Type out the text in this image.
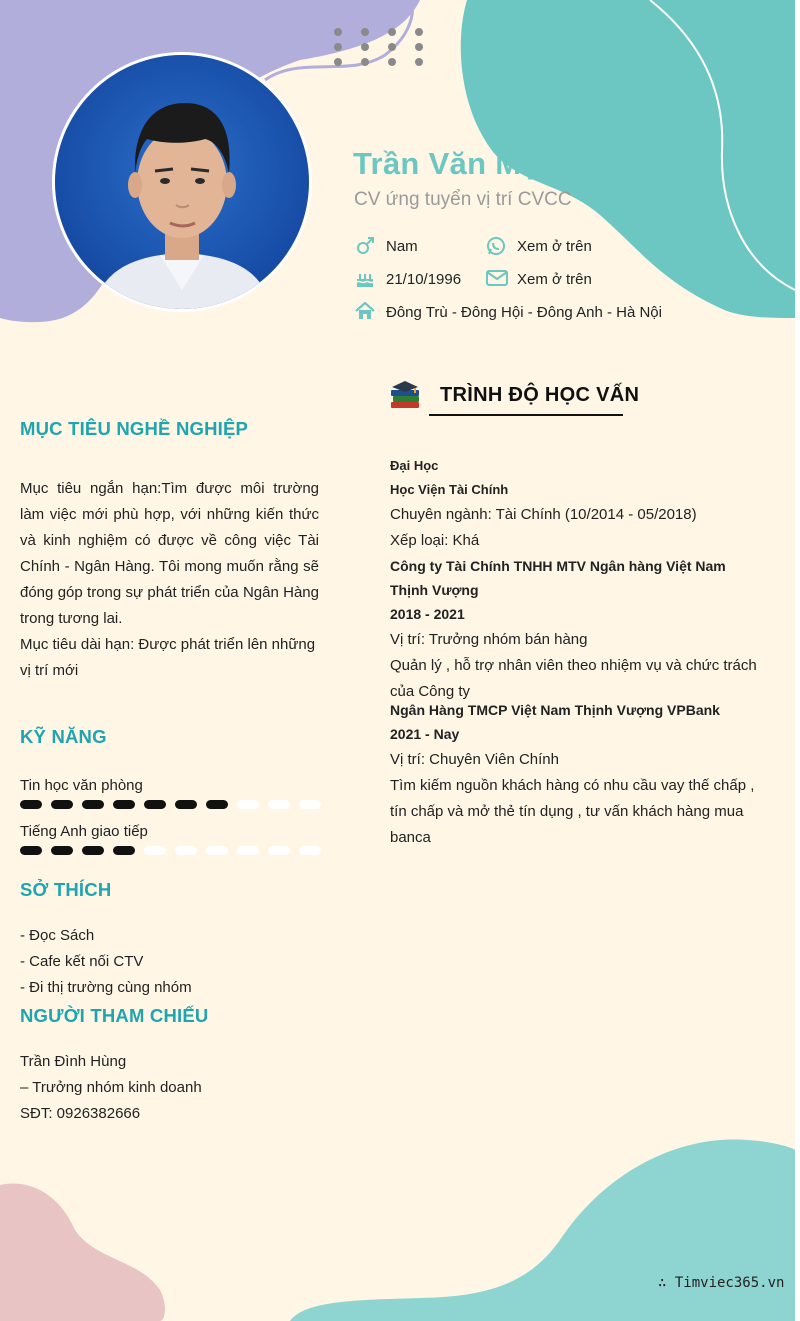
Trần Văn Mạnh
CV ứng tuyển vị trí CVCC
Nam	Xem ở trên
21/10/1996	Xem ở trên
Đông Trù - Đông Hội - Đông Anh - Hà Nội
MỤC TIÊU NGHỀ NGHIỆP

Mục tiêu ngắn hạn:Tìm được môi trường làm việc mới phù hợp, với những kiến thức và kinh nghiệm có được về công việc Tài Chính - Ngân Hàng. Tôi mong muốn rằng sẽ đóng góp trong sự phát triển của Ngân Hàng trong tương lai.

Mục tiêu dài hạn: Được phát triển lên những vị trí mới

KỸ NĂNG
Tin học văn phòng
Tiếng Anh giao tiếp
SỞ THÍCH
- Đọc Sách
- Cafe kết nối CTV
- Đi thị trường cùng nhóm
NGƯỜI THAM CHIẾU
Trần Đình Hùng
– Trưởng nhóm kinh doanh
SĐT: 0926382666
TRÌNH ĐỘ HỌC VẤN
Đại Học
Học Viện Tài Chính
Chuyên ngành: Tài Chính (10/2014 - 05/2018)
Xếp loại: Khá
Công ty Tài Chính TNHH MTV Ngân hàng Việt Nam Thịnh Vượng
2018 - 2021
Vị trí: Trưởng nhóm bán hàng
Quản lý , hỗ trợ nhân viên theo nhiệm vụ và chức trách của Công ty
Ngân Hàng TMCP Việt Nam Thịnh Vượng VPBank
2021 - Nay
Vị trí: Chuyên Viên Chính
Tìm kiếm nguồn khách hàng có nhu cầu vay thế chấp , tín chấp và mở thẻ tín dụng , tư vấn khách hàng mua banca
∴ Timviec365.vn
